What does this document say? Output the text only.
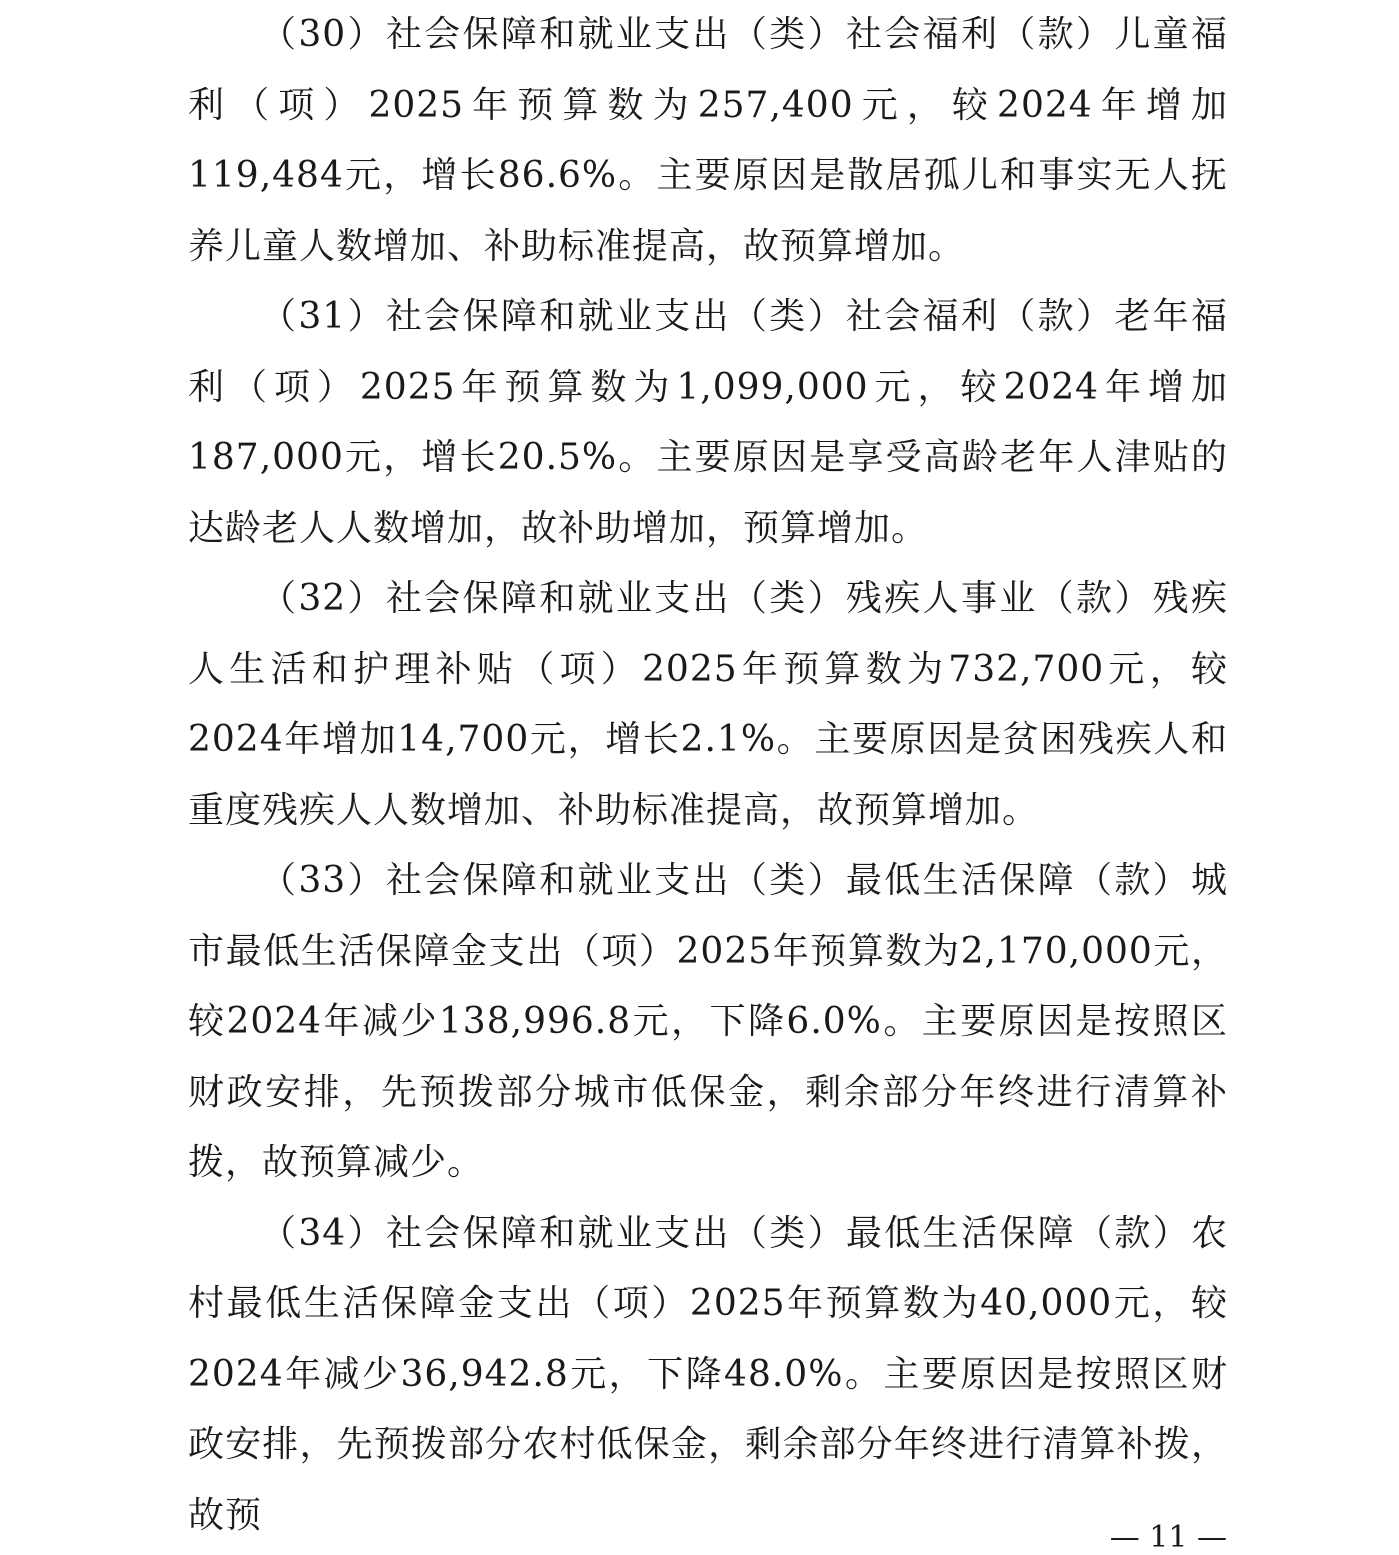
（30）社会保障和就业支出（类）社会福利（款）儿童福利（项）2025年预算数为257,400元，较2024年增加119,484元，增长86.6%。主要原因是散居孤儿和事实无人抚养儿童人数增加、补助标准提高，故预算增加。

（31）社会保障和就业支出（类）社会福利（款）老年福利（项）2025年预算数为1,099,000元，较2024年增加187,000元，增长20.5%。主要原因是享受高龄老年人津贴的达龄老人人数增加，故补助增加，预算增加。

（32）社会保障和就业支出（类）残疾人事业（款）残疾人生活和护理补贴（项）2025年预算数为732,700元，较2024年增加14,700元，增长2.1%。主要原因是贫困残疾人和重度残疾人人数增加、补助标准提高，故预算增加。

（33）社会保障和就业支出（类）最低生活保障（款）城市最低生活保障金支出（项）2025年预算数为2,170,000元，较2024年减少138,996.8元，下降6.0%。主要原因是按照区财政安排，先预拨部分城市低保金，剩余部分年终进行清算补拨，故预算减少。

（34）社会保障和就业支出（类）最低生活保障（款）农村最低生活保障金支出（项）2025年预算数为40,000元，较2024年减少36,942.8元，下降48.0%。主要原因是按照区财政安排，先预拨部分农村低保金，剩余部分年终进行清算补拨，故预

— 11 —
